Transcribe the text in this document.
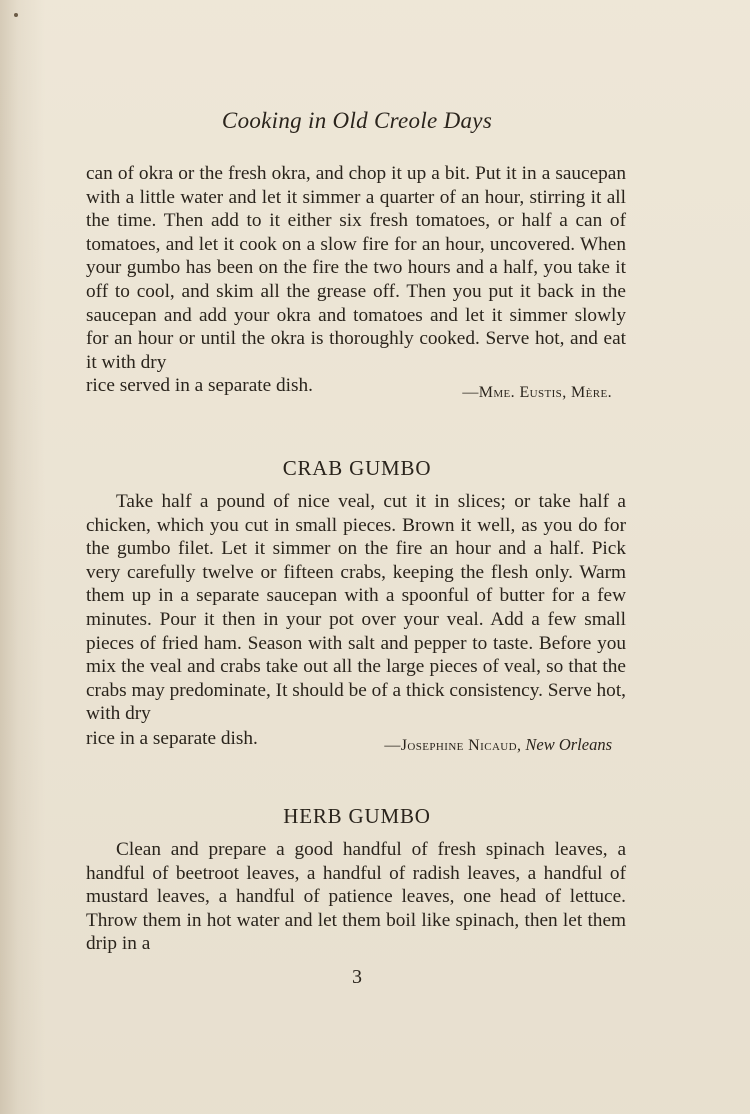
Cooking in Old Creole Days

can of okra or the fresh okra, and chop it up a bit. Put it in a saucepan with a little water and let it simmer a quarter of an hour, stirring it all the time. Then add to it either six fresh tomatoes, or half a can of tomatoes, and let it cook on a slow fire for an hour, uncovered. When your gumbo has been on the fire the two hours and a half, you take it off to cool, and skim all the grease off. Then you put it back in the saucepan and add your okra and tomatoes and let it simmer slowly for an hour or until the okra is thoroughly cooked. Serve hot, and eat it with dry

rice served in a separate dish.	—Mme. Eustis, Mère.
CRAB GUMBO

Take half a pound of nice veal, cut it in slices; or take half a chicken, which you cut in small pieces. Brown it well, as you do for the gumbo filet. Let it simmer on the fire an hour and a half. Pick very carefully twelve or fifteen crabs, keeping the flesh only. Warm them up in a separate saucepan with a spoonful of butter for a few minutes. Pour it then in your pot over your veal. Add a few small pieces of fried ham. Season with salt and pepper to taste. Before you mix the veal and crabs take out all the large pieces of veal, so that the crabs may predominate, It should be of a thick consistency. Serve hot, with dry

rice in a separate dish.	—Josephine Nicaud, New Orleans
HERB GUMBO

Clean and prepare a good handful of fresh spinach leaves, a handful of beetroot leaves, a handful of radish leaves, a handful of mustard leaves, a handful of patience leaves, one head of lettuce. Throw them in hot water and let them boil like spinach, then let them drip in a

3
